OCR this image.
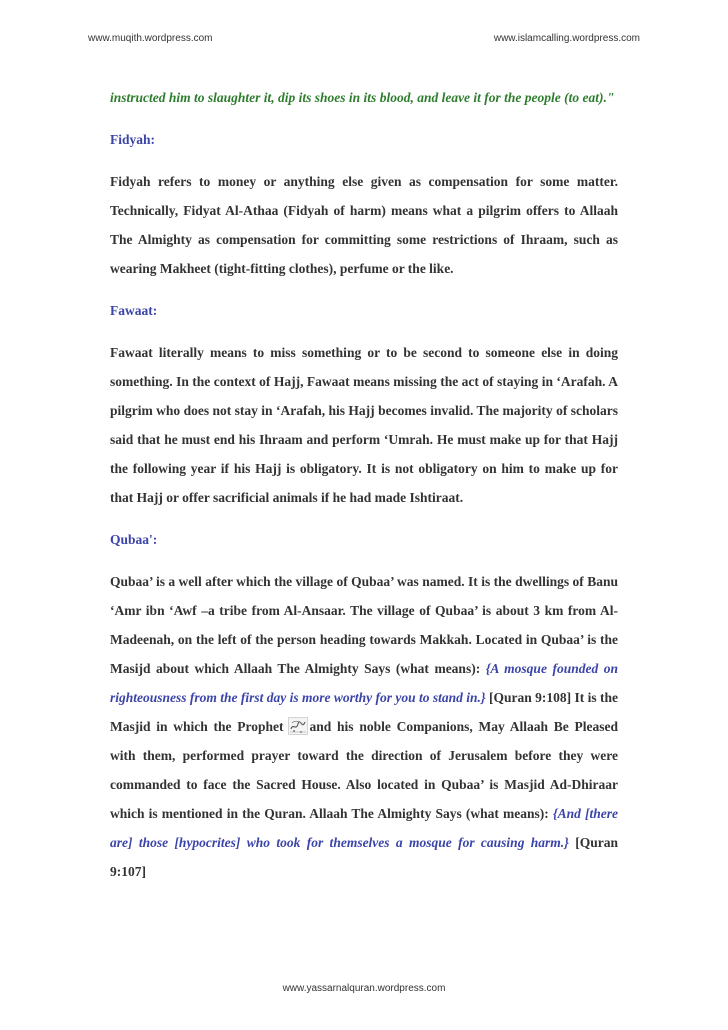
www.muqith.wordpress.com	www.islamcalling.wordpress.com

instructed him to slaughter it, dip its shoes in its blood, and leave it for the people (to eat)."

Fidyah:

Fidyah refers to money or anything else given as compensation for some matter. Technically, Fidyat Al-Athaa (Fidyah of harm) means what a pilgrim offers to Allaah The Almighty as compensation for committing some restrictions of Ihraam, such as wearing Makheet (tight-fitting clothes), perfume or the like.

Fawaat:

Fawaat literally means to miss something or to be second to someone else in doing something. In the context of Hajj, Fawaat means missing the act of staying in ‘Arafah. A pilgrim who does not stay in ‘Arafah, his Hajj becomes invalid. The majority of scholars said that he must end his Ihraam and perform ‘Umrah. He must make up for that Hajj the following year if his Hajj is obligatory. It is not obligatory on him to make up for that Hajj or offer sacrificial animals if he had made Ishtiraat.

Qubaa':

Qubaa’ is a well after which the village of Qubaa’ was named. It is the dwellings of Banu ‘Amr ibn ‘Awf –a tribe from Al-Ansaar. The village of Qubaa’ is about 3 km from Al-Madeenah, on the left of the person heading towards Makkah. Located in Qubaa’ is the Masijd about which Allaah The Almighty Says (what means): {A mosque founded on righteousness from the first day is more worthy for you to stand in.} [Quran 9:108] It is the Masjid in which the Prophet and his noble Companions, May Allaah Be Pleased with them, performed prayer toward the direction of Jerusalem before they were commanded to face the Sacred House. Also located in Qubaa’ is Masjid Ad-Dhiraar which is mentioned in the Quran. Allaah The Almighty Says (what means): {And [there are] those [hypocrites] who took for themselves a mosque for causing harm.} [Quran 9:107]

www.yassarnalquran.wordpress.com
